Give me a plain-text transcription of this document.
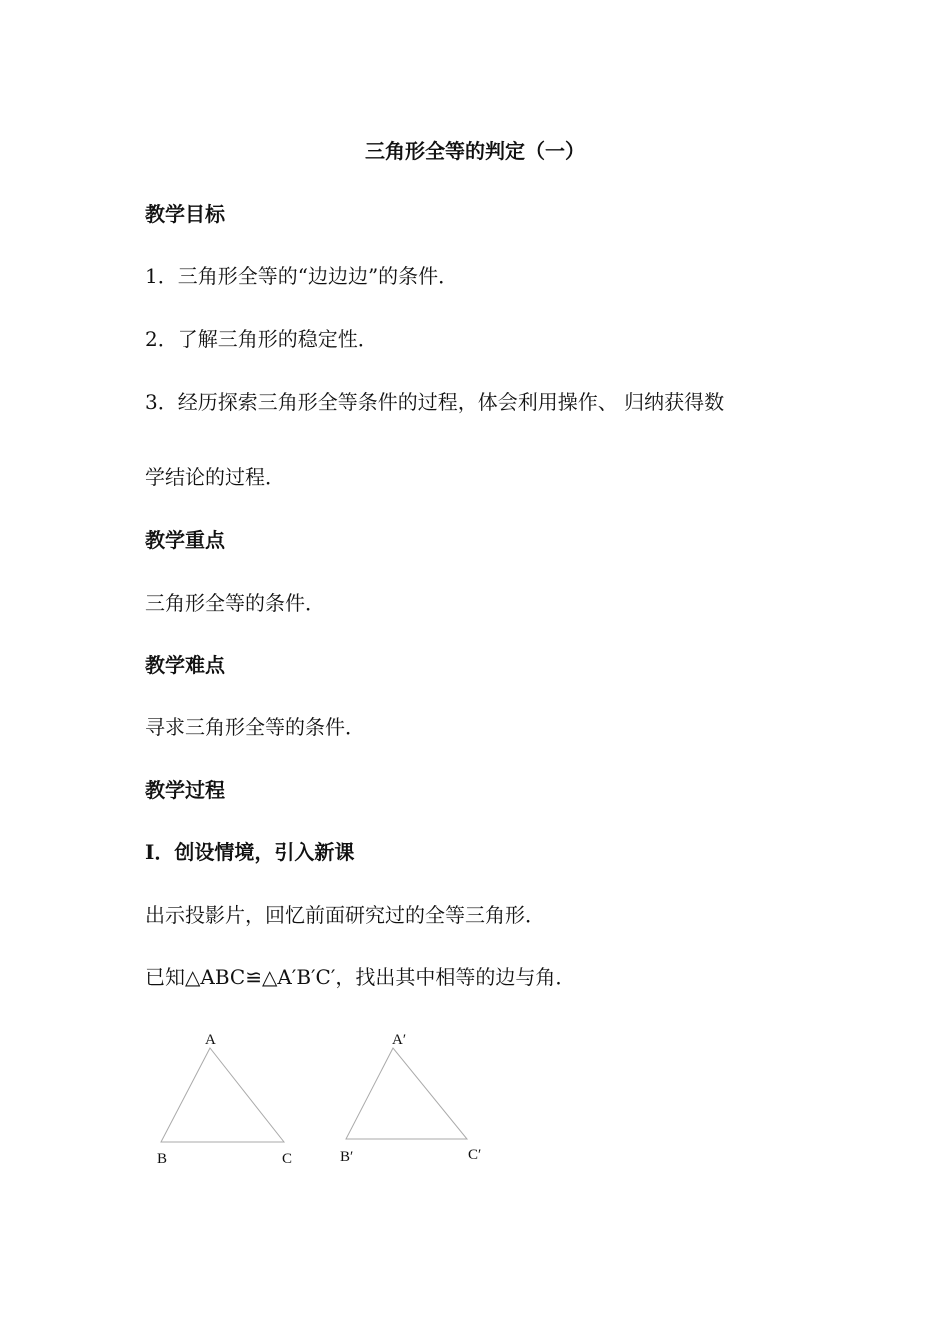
三角形全等的判定（一）
教学目标
1．三角形全等的“边边边”的条件．
2．了解三角形的稳定性．
3．经历探索三角形全等条件的过程，体会利用操作、 归纳获得数
学结论的过程．
教学重点
三角形全等的条件．
教学难点
寻求三角形全等的条件．
教学过程
I．创设情境，引入新课
出示投影片，回忆前面研究过的全等三角形．
已知△ABC≌△A′B′C′，找出其中相等的边与角．
A
B	C
A′
B′	C′
